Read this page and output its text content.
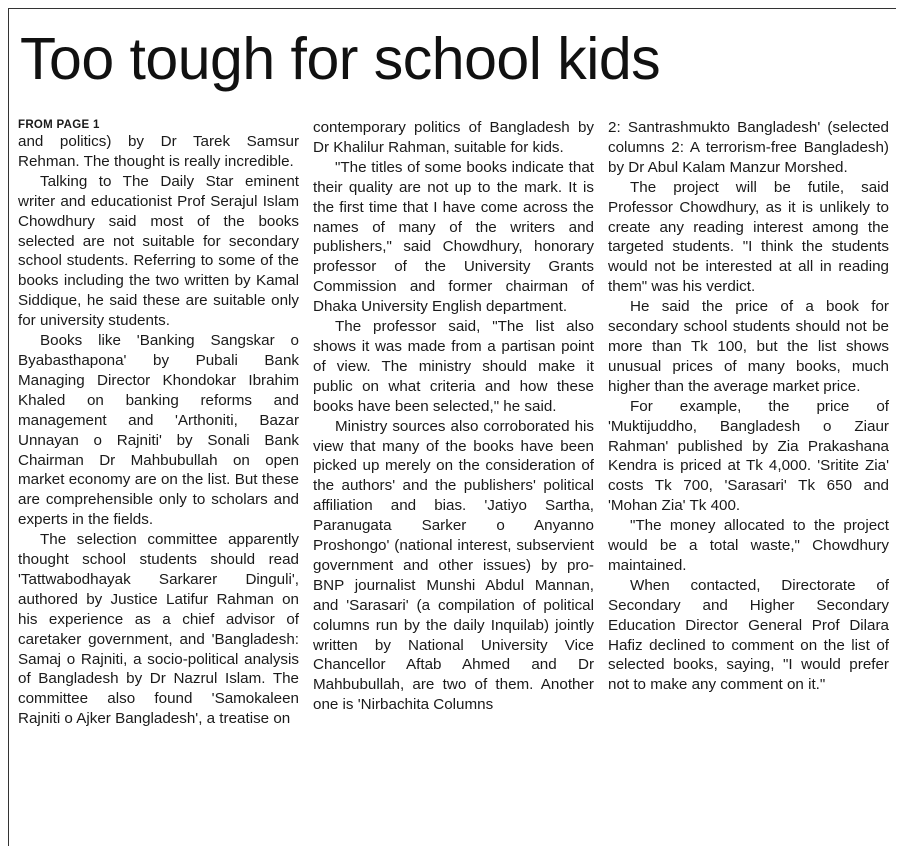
Too tough for school kids
FROM PAGE 1

and politics) by Dr Tarek Samsur Rehman. The thought is really incredible.

Talking to The Daily Star eminent writer and educationist Prof Serajul Islam Chowdhury said most of the books selected are not suitable for secondary school students. Referring to some of the books including the two written by Kamal Siddique, he said these are suitable only for university students.

Books like 'Banking Sangskar o Byabasthapona' by Pubali Bank Managing Director Khondokar Ibrahim Khaled on banking reforms and management and 'Arthoniti, Bazar Unnayan o Rajniti' by Sonali Bank Chairman Dr Mahbubullah on open market economy are on the list. But these are comprehensible only to scholars and experts in the fields.

The selection committee apparently thought school students should read 'Tattwabodhayak Sarkarer Dinguli', authored by Justice Latifur Rahman on his experience as a chief advisor of caretaker government, and 'Bangladesh: Samaj o Rajniti, a socio-political analysis of Bangladesh by Dr Nazrul Islam. The committee also found 'Samokaleen Rajniti o Ajker Bangladesh', a treatise on

contemporary politics of Bangladesh by Dr Khalilur Rahman, suitable for kids.

"The titles of some books indicate that their quality are not up to the mark. It is the first time that I have come across the names of many of the writers and publishers," said Chowdhury, honorary professor of the University Grants Commission and former chairman of Dhaka University English department.

The professor said, "The list also shows it was made from a partisan point of view. The ministry should make it public on what criteria and how these books have been selected," he said.

Ministry sources also corroborated his view that many of the books have been picked up merely on the consideration of the authors' and the publishers' political affiliation and bias. 'Jatiyo Sartha, Paranugata Sarker o Anyanno Proshongo' (national interest, subservient government and other issues) by pro-BNP journalist Munshi Abdul Mannan, and 'Sarasari' (a compilation of political columns run by the daily Inquilab) jointly written by National University Vice Chancellor Aftab Ahmed and Dr Mahbubullah, are two of them. Another one is 'Nirbachita Columns

2: Santrashmukto Bangladesh' (selected columns 2: A terrorism-free Bangladesh) by Dr Abul Kalam Manzur Morshed.

The project will be futile, said Professor Chowdhury, as it is unlikely to create any reading interest among the targeted students. "I think the students would not be interested at all in reading them" was his verdict.

He said the price of a book for secondary school students should not be more than Tk 100, but the list shows unusual prices of many books, much higher than the average market price.

For example, the price of 'Muktijuddho, Bangladesh o Ziaur Rahman' published by Zia Prakashana Kendra is priced at Tk 4,000. 'Sritite Zia' costs Tk 700, 'Sarasari' Tk 650 and 'Mohan Zia' Tk 400.

"The money allocated to the project would be a total waste," Chowdhury maintained.

When contacted, Directorate of Secondary and Higher Secondary Education Director General Prof Dilara Hafiz declined to comment on the list of selected books, saying, "I would prefer not to make any comment on it."
